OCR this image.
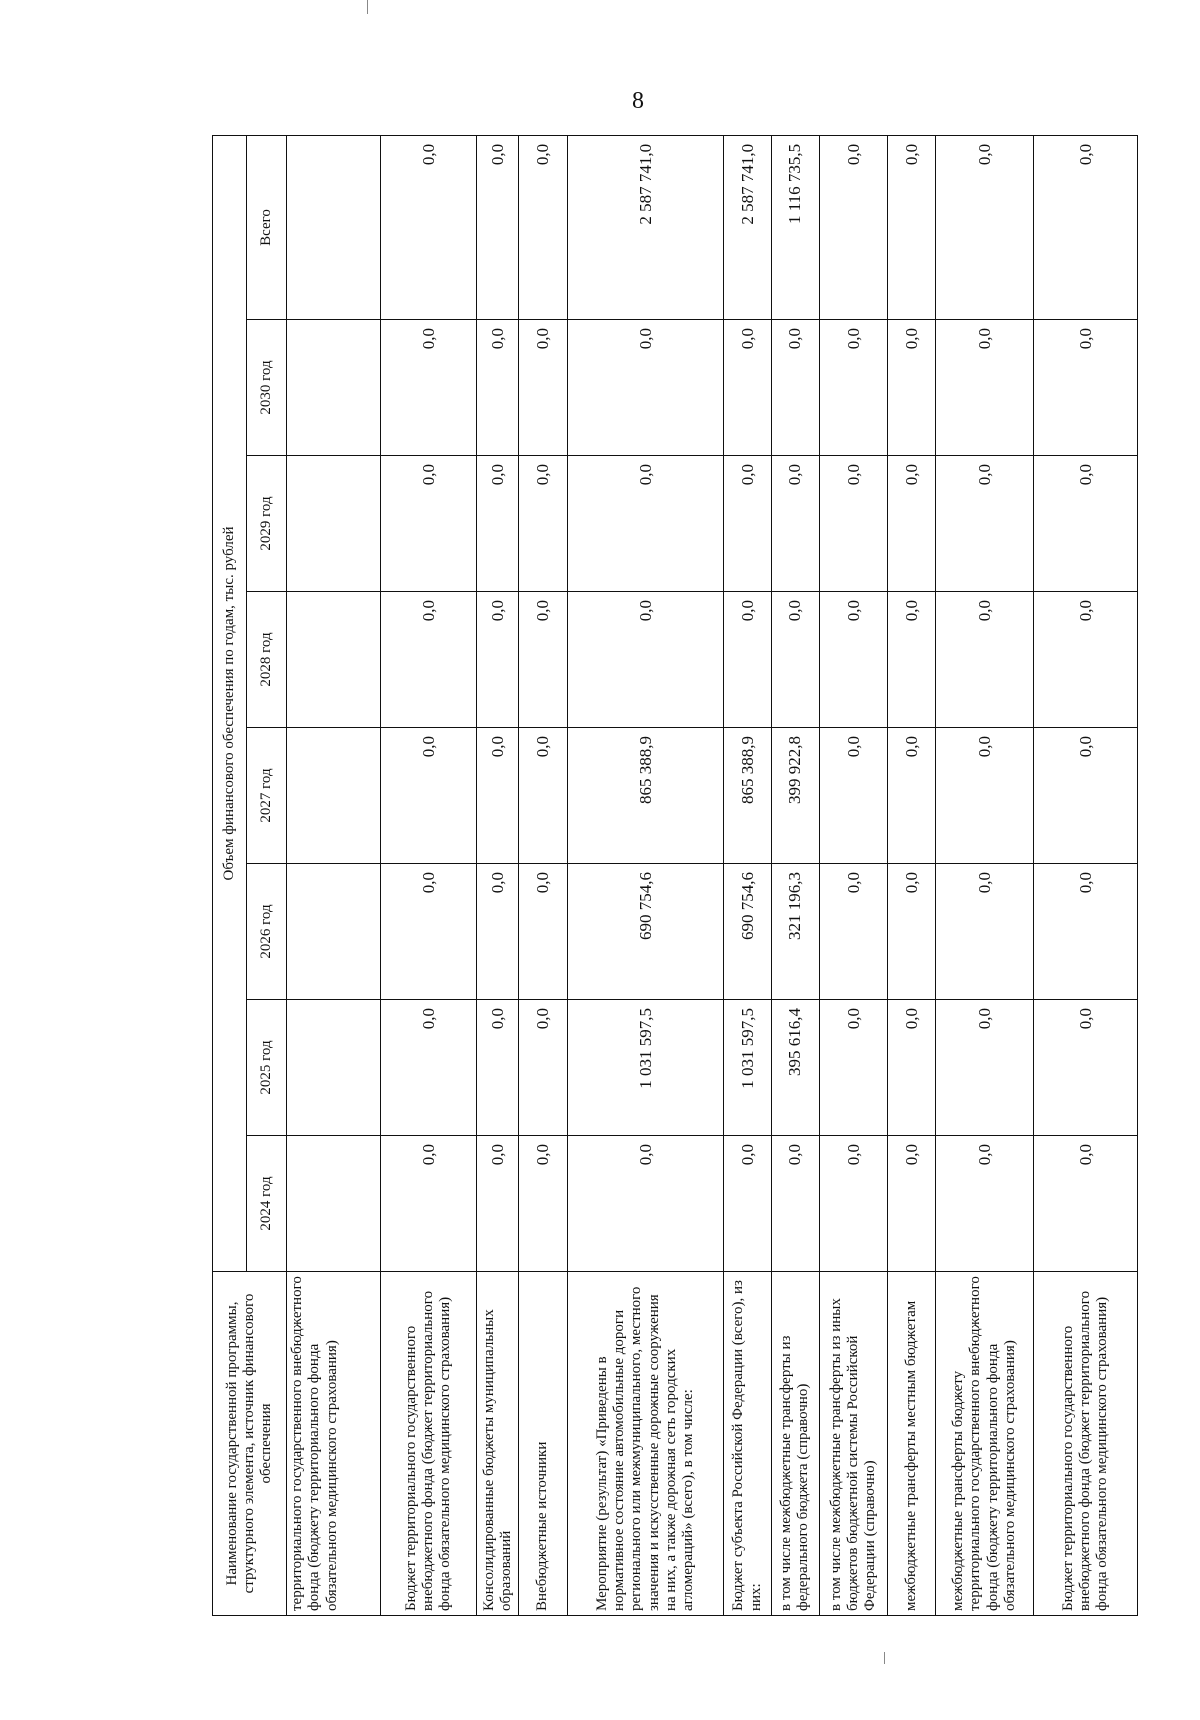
8
Наименование государственной программы, структурного элемента, источник финансового обеспечения	Объем финансового обеспечения по годам, тыс. рублей							
	2024 год	2025 год	2026 год	2027 год	2028 год	2029 год	2030 год	Всего
территориального государственного внебюджетного фонда (бюджету территориального фонда обязательного медицинского страхования)								
Бюджет территориального государственного внебюджетного фонда (бюджет территориального фонда обязательного медицинского страхования)	0,0	0,0	0,0	0,0	0,0	0,0	0,0	0,0
Консолидированные бюджеты муниципальных образований	0,0	0,0	0,0	0,0	0,0	0,0	0,0	0,0
Внебюджетные источники	0,0	0,0	0,0	0,0	0,0	0,0	0,0	0,0
Мероприятие (результат) «Приведены в нормативное состояние автомобильные дороги регионального или межмуниципального, местного значения и искусственные дорожные сооружения на них, а также дорожная сеть городских агломераций» (всего), в том числе:	0,0	1 031 597,5	690 754,6	865 388,9	0,0	0,0	0,0	2 587 741,0
Бюджет субъекта Российской Федерации (всего), из них:	0,0	1 031 597,5	690 754,6	865 388,9	0,0	0,0	0,0	2 587 741,0
в том числе межбюджетные трансферты из федерального бюджета (справочно)	0,0	395 616,4	321 196,3	399 922,8	0,0	0,0	0,0	1 116 735,5
в том числе межбюджетные трансферты из иных бюджетов бюджетной системы Российской Федерации (справочно)	0,0	0,0	0,0	0,0	0,0	0,0	0,0	0,0
межбюджетные трансферты местным бюджетам	0,0	0,0	0,0	0,0	0,0	0,0	0,0	0,0
межбюджетные трансферты бюджету территориального государственного внебюджетного фонда (бюджету территориального фонда обязательного медицинского страхования)	0,0	0,0	0,0	0,0	0,0	0,0	0,0	0,0
Бюджет территориального государственного внебюджетного фонда (бюджет территориального фонда обязательного медицинского страхования)	0,0	0,0	0,0	0,0	0,0	0,0	0,0	0,0
